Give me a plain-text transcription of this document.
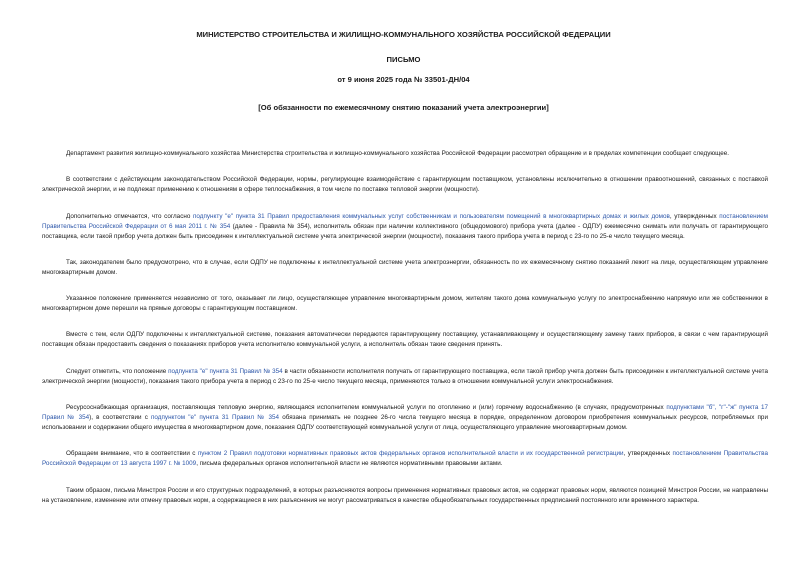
МИНИСТЕРСТВО СТРОИТЕЛЬСТВА И ЖИЛИЩНО-КОММУНАЛЬНОГО ХОЗЯЙСТВА РОССИЙСКОЙ ФЕДЕРАЦИИ
ПИСЬМО
от 9 июня 2025 года № 33501-ДН/04
[Об обязанности по ежемесячному снятию показаний учета электроэнергии]

Департамент развития жилищно-коммунального хозяйства Министерства строительства и жилищно-коммунального хозяйства Российской Федерации рассмотрел обращение и в пределах компетенции сообщает следующее.

В соответствии с действующим законодательством Российской Федерации, нормы, регулирующие взаимодействие с гарантирующим поставщиком, установлены исключительно в отношении правоотношений, связанных с поставкой электрической энергии, и не подлежат применению к отношениям в сфере теплоснабжения, в том числе по поставке тепловой энергии (мощности).

Дополнительно отмечается, что согласно подпункту "е" пункта 31 Правил предоставления коммунальных услуг собственникам и пользователям помещений в многоквартирных домах и жилых домов, утвержденных постановлением Правительства Российской Федерации от 6 мая 2011 г. № 354 (далее - Правила № 354), исполнитель обязан при наличии коллективного (общедомового) прибора учета (далее - ОДПУ) ежемесячно снимать или получать от гарантирующего поставщика, если такой прибор учета должен быть присоединен к интеллектуальной системе учета электрической энергии (мощности), показания такого прибора учета в период с 23-го по 25-е число текущего месяца.

Так, законодателем было предусмотрено, что в случае, если ОДПУ не подключены к интеллектуальной системе учета электроэнергии, обязанность по их ежемесячному снятию показаний лежит на лице, осуществляющем управление многоквартирным домом.

Указанное положение применяется независимо от того, оказывает ли лицо, осуществляющее управление многоквартирным домом, жителям такого дома коммунальную услугу по электроснабжению напрямую или же собственники в многоквартирном доме перешли на прямые договоры с гарантирующим поставщиком.

Вместе с тем, если ОДПУ подключены к интеллектуальной системе, показания автоматически передаются гарантирующему поставщику, устанавливающему и осуществляющему замену таких приборов, в связи с чем гарантирующий поставщик обязан предоставить сведения о показаниях приборов учета исполнителю коммунальной услуги, а исполнитель обязан такие сведения принять.

Следует отметить, что положение подпункта "е" пункта 31 Правил № 354 в части обязанности исполнителя получать от гарантирующего поставщика, если такой прибор учета должен быть присоединен к интеллектуальной системе учета электрической энергии (мощности), показания такого прибора учета в период с 23-го по 25-е число текущего месяца, применяются только в отношении коммунальной услуги электроснабжения.

Ресурсоснабжающая организация, поставляющая тепловую энергию, являющаяся исполнителем коммунальной услуги по отоплению и (или) горячему водоснабжению (в случаях, предусмотренных подпунктами "б", "г"-"ж" пункта 17 Правил № 354), в соответствии с подпунктом "е" пункта 31 Правил № 354 обязана принимать не позднее 26-го числа текущего месяца в порядке, определенном договором приобретения коммунальных ресурсов, потребляемых при использовании и содержании общего имущества в многоквартирном доме, показания ОДПУ соответствующей коммунальной услуги от лица, осуществляющего управление многоквартирным домом.

Обращаем внимание, что в соответствии с пунктом 2 Правил подготовки нормативных правовых актов федеральных органов исполнительной власти и их государственной регистрации, утвержденных постановлением Правительства Российской Федерации от 13 августа 1997 г. № 1009, письма федеральных органов исполнительной власти не являются нормативными правовыми актами.

Таким образом, письма Минстроя России и его структурных подразделений, в которых разъясняются вопросы применения нормативных правовых актов, не содержат правовых норм, являются позицией Минстроя России, не направлены на установление, изменение или отмену правовых норм, а содержащиеся в них разъяснения не могут рассматриваться в качестве общеобязательных государственных предписаний постоянного или временного характера.
